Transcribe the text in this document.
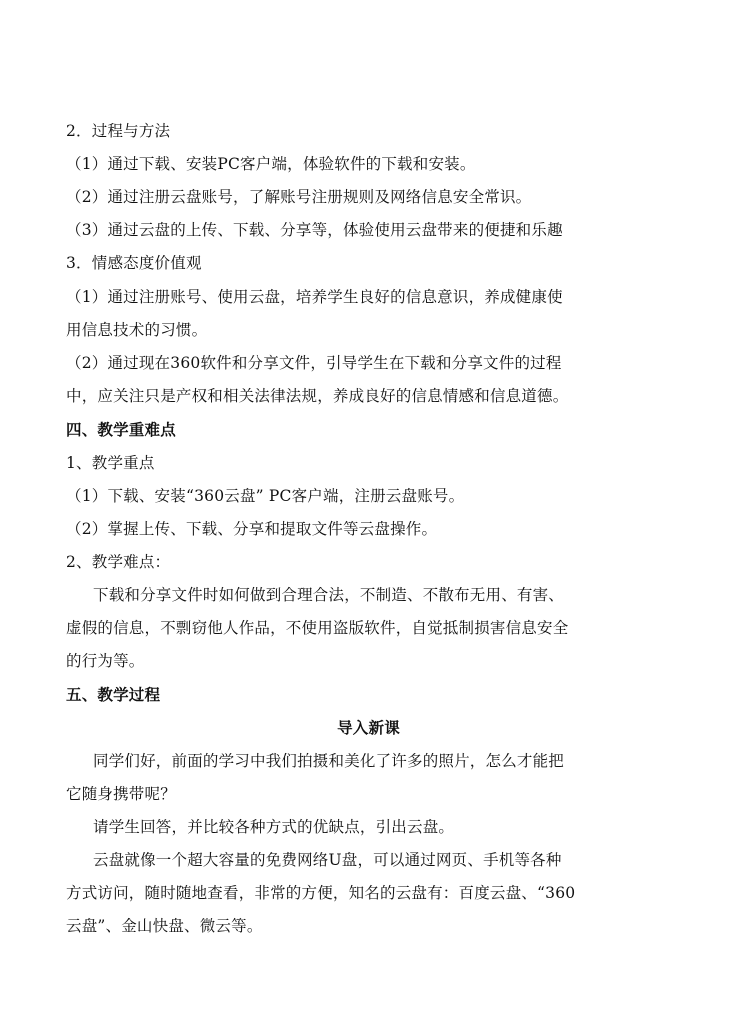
2．过程与方法
（1）通过下载、安装PC客户端，体验软件的下载和安装。
（2）通过注册云盘账号，了解账号注册规则及网络信息安全常识。
（3）通过云盘的上传、下载、分享等，体验使用云盘带来的便捷和乐趣
3．情感态度价值观
（1）通过注册账号、使用云盘，培养学生良好的信息意识，养成健康使
用信息技术的习惯。
（2）通过现在360软件和分享文件，引导学生在下载和分享文件的过程
中，应关注只是产权和相关法律法规，养成良好的信息情感和信息道德。
四、教学重难点
1、教学重点
（1）下载、安装“360云盘” PC客户端，注册云盘账号。
（2）掌握上传、下载、分享和提取文件等云盘操作。
2、教学难点：
下载和分享文件时如何做到合理合法，不制造、不散布无用、有害、
虚假的信息，不剽窃他人作品，不使用盗版软件，自觉抵制损害信息安全
的行为等。
五、教学过程
导入新课
同学们好，前面的学习中我们拍摄和美化了许多的照片，怎么才能把
它随身携带呢？
请学生回答，并比较各种方式的优缺点，引出云盘。
云盘就像一个超大容量的免费网络U盘，可以通过网页、手机等各种
方式访问，随时随地查看，非常的方便，知名的云盘有：百度云盘、“360
云盘”、金山快盘、微云等。
